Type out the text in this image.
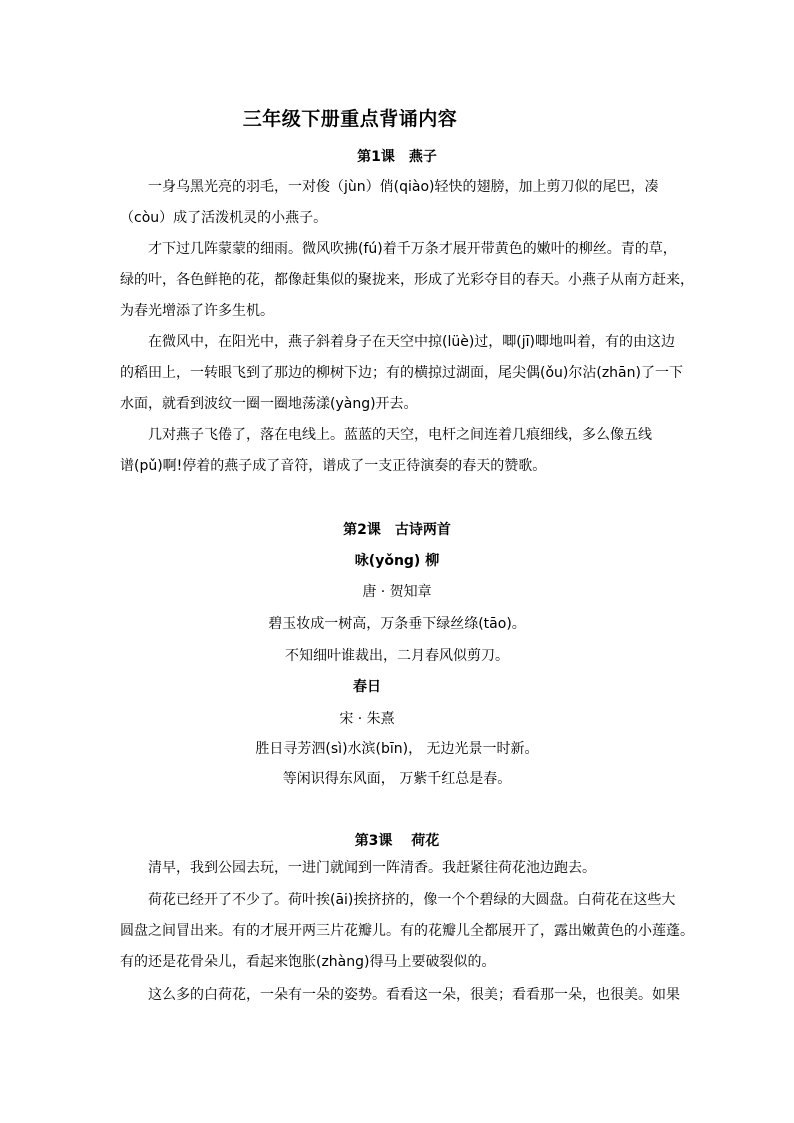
三年级下册重点背诵内容
第1课　燕子
一身乌黑光亮的羽毛，一对俊（jùn）俏(qiào)轻快的翅膀，加上剪刀似的尾巴，凑
（còu）成了活泼机灵的小燕子。
才下过几阵蒙蒙的细雨。微风吹拂(fú)着千万条才展开带黄色的嫩叶的柳丝。青的草，
绿的叶，各色鲜艳的花，都像赶集似的聚拢来，形成了光彩夺目的春天。小燕子从南方赶来，
为春光增添了许多生机。
在微风中，在阳光中，燕子斜着身子在天空中掠(lüè)过，唧(jī)唧地叫着，有的由这边
的稻田上，一转眼飞到了那边的柳树下边；有的横掠过湖面，尾尖偶(ǒu)尔沾(zhān)了一下
水面，就看到波纹一圈一圈地荡漾(yàng)开去。
几对燕子飞倦了，落在电线上。蓝蓝的天空，电杆之间连着几痕细线，多么像五线
谱(pǔ)啊!停着的燕子成了音符，谱成了一支正待演奏的春天的赞歌。
第2课　古诗两首
咏(yǒng) 柳
唐 · 贺知章
碧玉妆成一树高，万条垂下绿丝绦(tāo)。
不知细叶谁裁出，二月春风似剪刀。
春日
宋 · 朱熹
胜日寻芳泗(sì)水滨(bīn)， 无边光景一时新。
等闲识得东风面， 万紫千红总是春。
第3课　 荷花
清早，我到公园去玩，一进门就闻到一阵清香。我赶紧往荷花池边跑去。
荷花已经开了不少了。荷叶挨(āi)挨挤挤的，像一个个碧绿的大圆盘。白荷花在这些大
圆盘之间冒出来。有的才展开两三片花瓣儿。有的花瓣儿全都展开了，露出嫩黄色的小莲蓬。
有的还是花骨朵儿，看起来饱胀(zhàng)得马上要破裂似的。
这么多的白荷花，一朵有一朵的姿势。看看这一朵，很美；看看那一朵，也很美。如果
